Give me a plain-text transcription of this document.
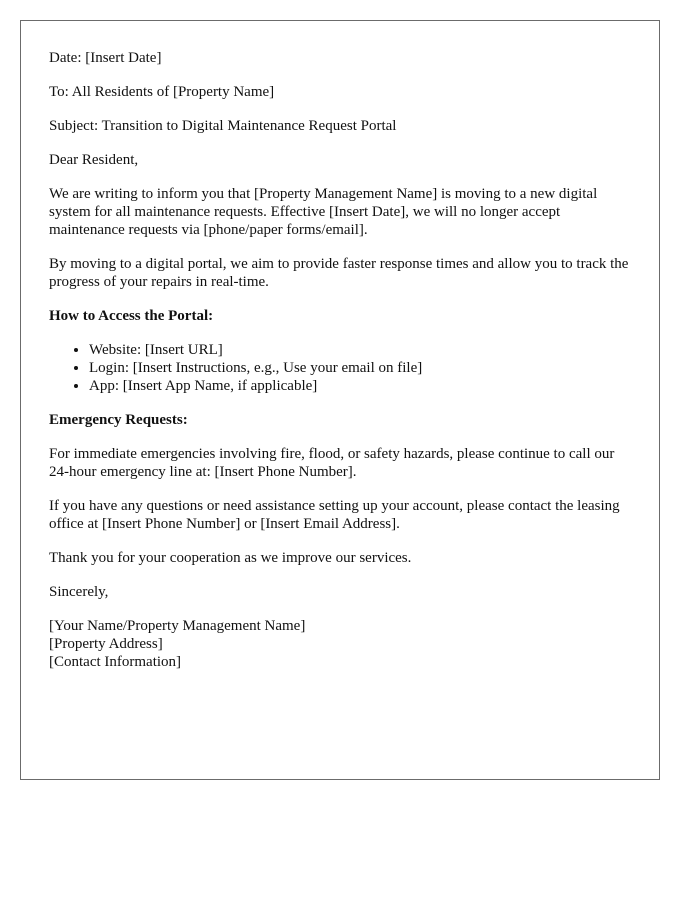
Date: [Insert Date]

To: All Residents of [Property Name]

Subject: Transition to Digital Maintenance Request Portal

Dear Resident,

We are writing to inform you that [Property Management Name] is moving to a new digital system for all maintenance requests. Effective [Insert Date], we will no longer accept maintenance requests via [phone/paper forms/email].

By moving to a digital portal, we aim to provide faster response times and allow you to track the progress of your repairs in real-time.

How to Access the Portal:
• Website: [Insert URL]
• Login: [Insert Instructions, e.g., Use your email on file]
• App: [Insert App Name, if applicable]
Emergency Requests:

For immediate emergencies involving fire, flood, or safety hazards, please continue to call our 24-hour emergency line at: [Insert Phone Number].

If you have any questions or need assistance setting up your account, please contact the leasing office at [Insert Phone Number] or [Insert Email Address].

Thank you for your cooperation as we improve our services.

Sincerely,

[Your Name/Property Management Name]
[Property Address]
[Contact Information]
